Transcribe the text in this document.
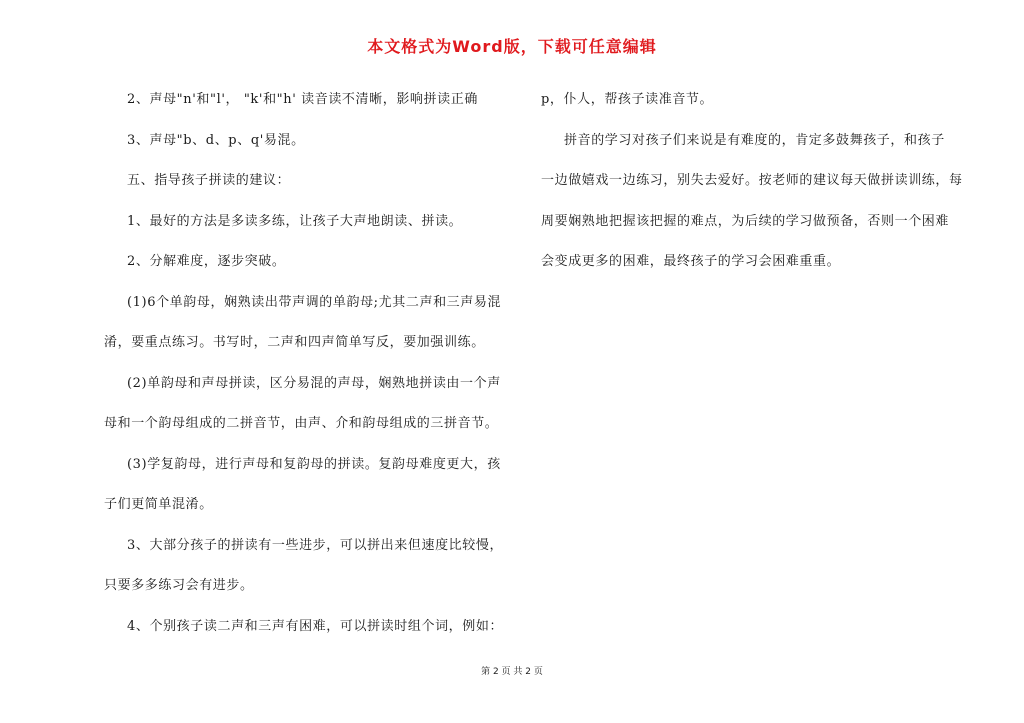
本文格式为Word版，下载可任意编辑
2、声母"n'和"l'， "k'和"h' 读音读不清晰，影响拼读正确
3、声母"b、d、p、q'易混。
五、指导孩子拼读的建议：
1、最好的方法是多读多练，让孩子大声地朗读、拼读。
2、分解难度，逐步突破。
(1)6个单韵母，娴熟读出带声调的单韵母;尤其二声和三声易混
淆，要重点练习。书写时，二声和四声简单写反，要加强训练。
(2)单韵母和声母拼读，区分易混的声母，娴熟地拼读由一个声
母和一个韵母组成的二拼音节，由声、介和韵母组成的三拼音节。
(3)学复韵母，进行声母和复韵母的拼读。复韵母难度更大，孩
子们更简单混淆。
3、大部分孩子的拼读有一些进步，可以拼出来但速度比较慢，
只要多多练习会有进步。
4、个别孩子读二声和三声有困难，可以拼读时组个词，例如：
p，仆人，帮孩子读准音节。
拼音的学习对孩子们来说是有难度的，肯定多鼓舞孩子，和孩子
一边做嬉戏一边练习，别失去爱好。按老师的建议每天做拼读训练，每
周要娴熟地把握该把握的难点，为后续的学习做预备，否则一个困难
会变成更多的困难，最终孩子的学习会困难重重。
第 2 页 共 2 页
